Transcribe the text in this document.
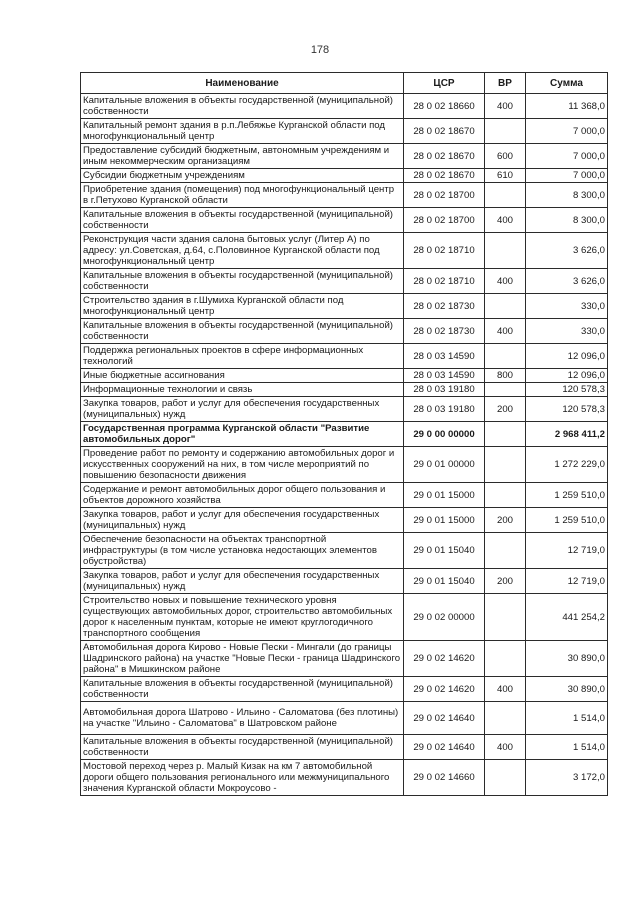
178
Наименование	ЦСР	ВР	Сумма
Капитальные вложения в объекты государственной (муниципальной) собственности	28 0 02 18660	400	11 368,0
Капитальный ремонт здания в р.п.Лебяжье Курганской области под многофункциональный центр	28 0 02 18670		7 000,0
Предоставление субсидий бюджетным, автономным учреждениям и иным некоммерческим организациям	28 0 02 18670	600	7 000,0
Субсидии бюджетным учреждениям	28 0 02 18670	610	7 000,0
Приобретение здания (помещения) под многофункциональный центр в г.Петухово Курганской области	28 0 02 18700		8 300,0
Капитальные вложения в объекты государственной (муниципальной) собственности	28 0 02 18700	400	8 300,0
Реконструкция части здания салона бытовых услуг (Литер А) по адресу: ул.Советская, д.64, с.Половинное Курганской области под многофункциональный центр	28 0 02 18710		3 626,0
Капитальные вложения в объекты государственной (муниципальной) собственности	28 0 02 18710	400	3 626,0
Строительство здания в г.Шумиха Курганской области под многофункциональный центр	28 0 02 18730		330,0
Капитальные вложения в объекты государственной (муниципальной) собственности	28 0 02 18730	400	330,0
Поддержка региональных проектов в сфере информационных технологий	28 0 03 14590		12 096,0
Иные бюджетные ассигнования	28 0 03 14590	800	12 096,0
Информационные технологии и связь	28 0 03 19180		120 578,3
Закупка товаров, работ и услуг для обеспечения государственных (муниципальных) нужд	28 0 03 19180	200	120 578,3
Государственная программа Курганской области "Развитие автомобильных дорог"	29 0 00 00000		2 968 411,2
Проведение работ по ремонту и содержанию автомобильных дорог и искусственных сооружений на них, в том числе мероприятий по повышению безопасности движения	29 0 01 00000		1 272 229,0
Содержание и ремонт автомобильных дорог общего пользования и объектов дорожного хозяйства	29 0 01 15000		1 259 510,0
Закупка товаров, работ и услуг для обеспечения государственных (муниципальных) нужд	29 0 01 15000	200	1 259 510,0
Обеспечение безопасности на объектах транспортной инфраструктуры (в том числе установка недостающих элементов обустройства)	29 0 01 15040		12 719,0
Закупка товаров, работ и услуг для обеспечения государственных (муниципальных) нужд	29 0 01 15040	200	12 719,0
Строительство новых и повышение технического уровня существующих автомобильных дорог, строительство автомобильных дорог к населенным пунктам, которые не имеют круглогодичного транспортного сообщения	29 0 02 00000		441 254,2
Автомобильная дорога Кирово - Новые Пески - Мингали (до границы Шадринского района) на участке "Новые Пески - граница Шадринского района" в Мишкинском районе	29 0 02 14620		30 890,0
Капитальные вложения в объекты государственной (муниципальной) собственности	29 0 02 14620	400	30 890,0
Автомобильная дорога Шатрово - Ильино - Саломатова (без плотины) на участке "Ильино - Саломатова" в Шатровском районе	29 0 02 14640		1 514,0
Капитальные вложения в объекты государственной (муниципальной) собственности	29 0 02 14640	400	1 514,0
Мостовой переход через р. Малый Кизак на км 7 автомобильной дороги общего пользования регионального или межмуниципального значения Курганской области Мокроусово -	29 0 02 14660		3 172,0
